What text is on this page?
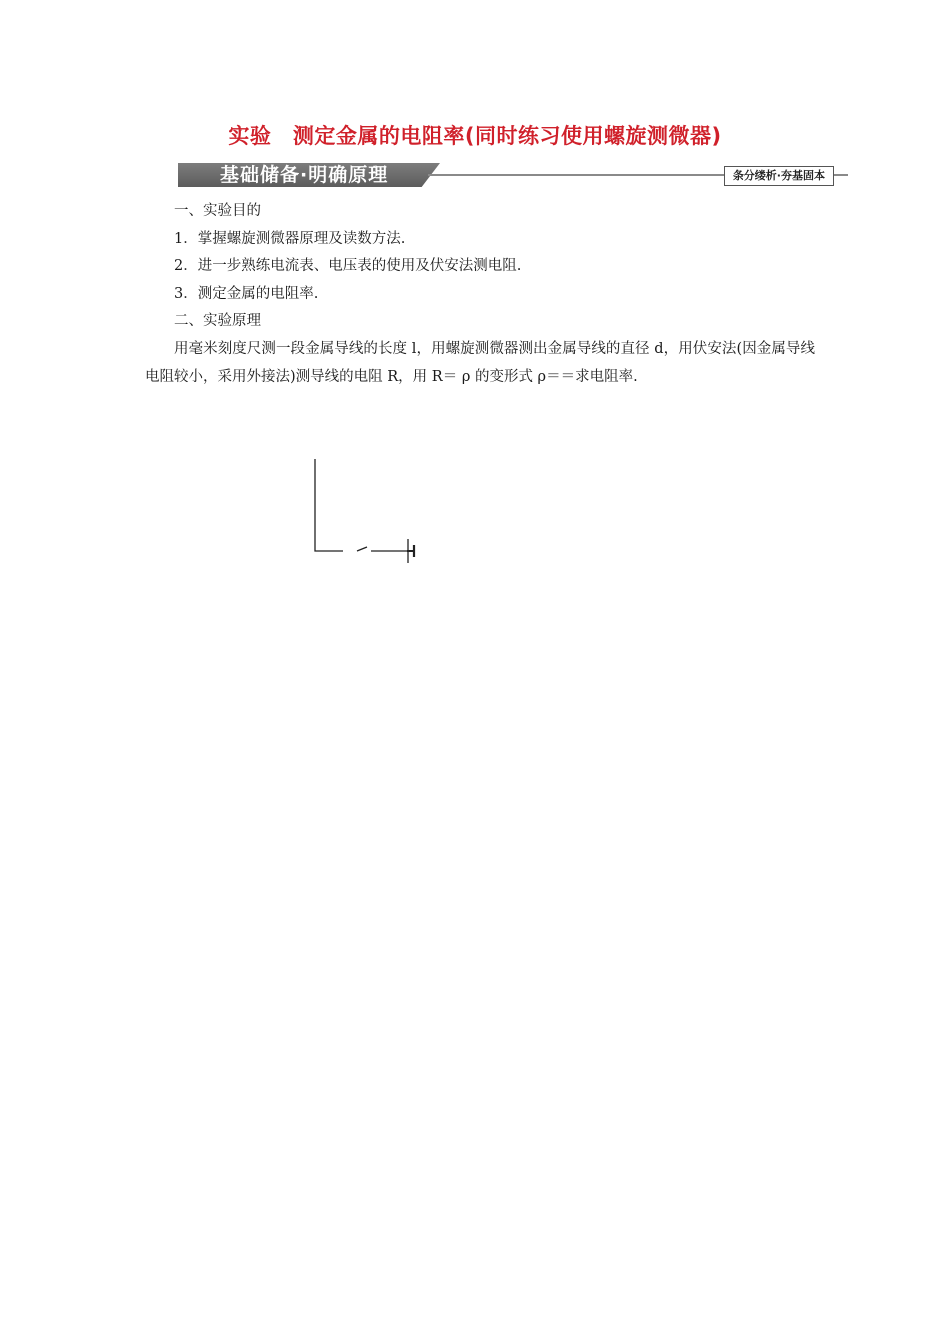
实验　测定金属的电阻率(同时练习使用螺旋测微器)
基础储备·明确原理	条分缕析·夯基固本

一、实验目的

1．掌握螺旋测微器原理及读数方法.

2．进一步熟练电流表、电压表的使用及伏安法测电阻.

3．测定金属的电阻率.

二、实验原理

用毫米刻度尺测一段金属导线的长度 l，用螺旋测微器测出金属导线的直径 d，用伏安法(因金属导线电阻较小，采用外接法)测导线的电阻 R，用 R＝ ρ 的变形式 ρ＝＝求电阻率.
